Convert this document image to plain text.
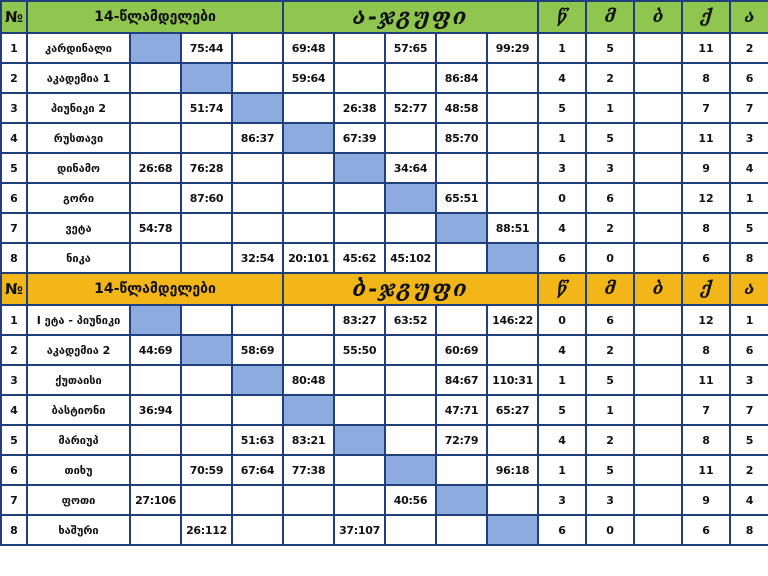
№	14-წლამდელები				ა-ჯგუფი					წ	მ	ბ	ქ	ა
1	კარდინალი		75:44		69:48		57:65		99:29	1	5		11	2
2	აკადემია 1				59:64			86:84		4	2		8	6
3	პიუნიკი 2		51:74			26:38	52:77	48:58		5	1		7	7
4	რუსთავი			86:37		67:39		85:70		1	5		11	3
5	დინამო	26:68	76:28				34:64			3	3		9	4
6	გორი		87:60					65:51		0	6		12	1
7	ვეტა	54:78							88:51	4	2		8	5
8	ნიკა			32:54	20:101	45:62	45:102			6	0		6	8
№	14-წლამდელები				ბ-ჯგუფი					წ	მ	ბ	ქ	ა
1	I ეტა - პიუნიკი					83:27	63:52		146:22	0	6		12	1
2	აკადემია 2	44:69		58:69		55:50		60:69		4	2		8	6
3	ქუთაისი				80:48			84:67	110:31	1	5		11	3
4	ბასტიონი	36:94						47:71	65:27	5	1		7	7
5	მარიუპ			51:63	83:21			72:79		4	2		8	5
6	თიხუ		70:59	67:64	77:38				96:18	1	5		11	2
7	ფოთი	27:106					40:56			3	3		9	4
8	ხაშური		26:112			37:107				6	0		6	8
